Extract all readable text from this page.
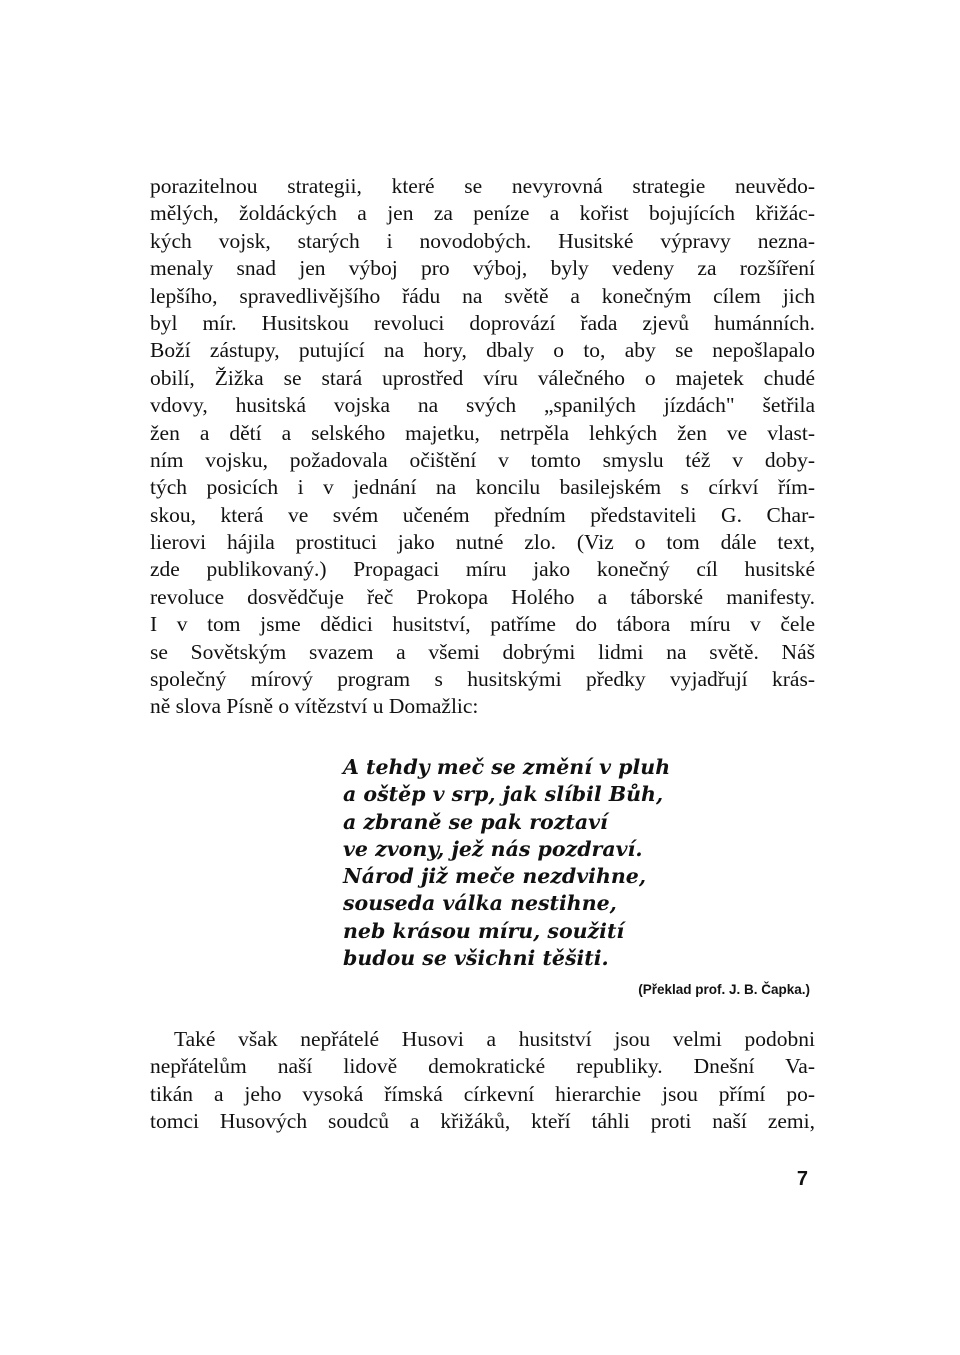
porazitelnou strategii, které se nevyrovná strategie neuvědo-
mělých, žoldáckých a jen za peníze a kořist bojujících křižác-
kých vojsk, starých i novodobých. Husitské výpravy nezna-
menaly snad jen výboj pro výboj, byly vedeny za rozšíření
lepšího, spravedlivějšího řádu na světě a konečným cílem jich
byl mír. Husitskou revoluci doprovází řada zjevů humánních.
Boží zástupy, putující na hory, dbaly o to, aby se nepošlapalo
obilí, Žižka se stará uprostřed víru válečného o majetek chudé
vdovy, husitská vojska na svých „spanilých jízdách" šetřila
žen a dětí a selského majetku, netrpěla lehkých žen ve vlast-
ním vojsku, požadovala očištění v tomto smyslu též v doby-
tých posicích i v jednání na koncilu basilejském s církví řím-
skou, která ve svém učeném předním představiteli G. Char-
lierovi hájila prostituci jako nutné zlo. (Viz o tom dále text,
zde publikovaný.) Propagaci míru jako konečný cíl husitské
revoluce dosvědčuje řeč Prokopa Holého a táborské manifesty.
I v tom jsme dědici husitství, patříme do tábora míru v čele
se Sovětským svazem a všemi dobrými lidmi na světě. Náš
společný mírový program s husitskými předky vyjadřují krás-
ně slova Písně o vítězství u Domažlic:
A tehdy meč se změní v pluh
a oštěp v srp, jak slíbil Bůh,
a zbraně se pak roztaví
ve zvony, jež nás pozdraví.
Národ již meče nezdvihne,
souseda válka nestihne,
neb krásou míru, soužití
budou se všichni těšiti.
(Překlad prof. J. B. Čapka.)
Také však nepřátelé Husovi a husitství jsou velmi podobni
nepřátelům naší lidově demokratické republiky. Dnešní Va-
tikán a jeho vysoká římská církevní hierarchie jsou přímí po-
tomci Husových soudců a křižáků, kteří táhli proti naší zemi,
7
